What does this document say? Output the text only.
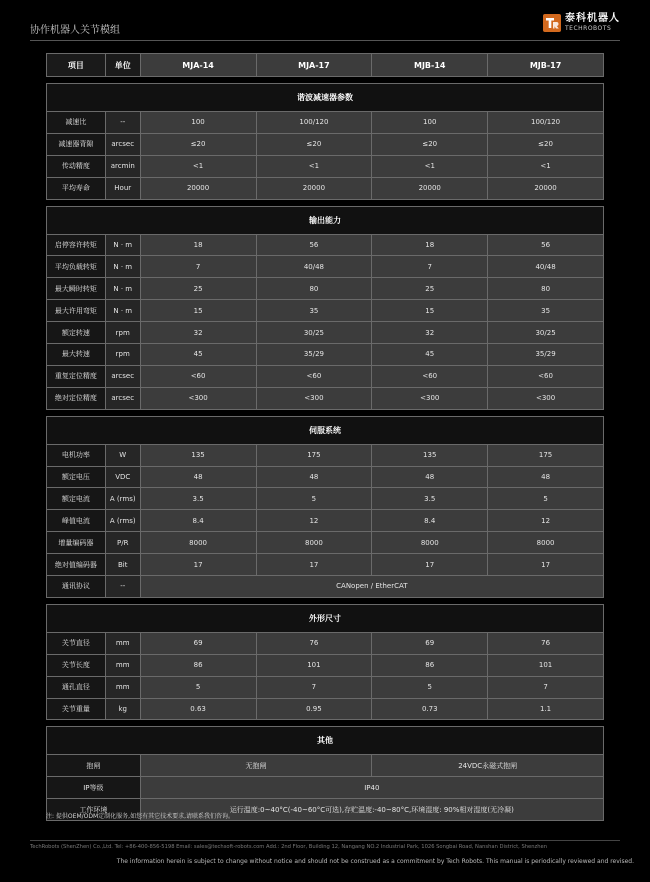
协作机器人关节模组
泰科机器人
TECHROBOTS
项目	单位	MJA-14	MJA-17	MJB-14	MJB-17
谐波减速器参数
减速比	--	100	100/120	100	100/120
减速器背隙	arcsec	≤20	≤20	≤20	≤20
传动精度	arcmin	<1	<1	<1	<1
平均寿命	Hour	20000	20000	20000	20000
输出能力
启停容许转矩	N · m	18	56	18	56
平均负载转矩	N · m	7	40/48	7	40/48
最大瞬时转矩	N · m	25	80	25	80
最大许用弯矩	N · m	15	35	15	35
额定转速	rpm	32	30/25	32	30/25
最大转速	rpm	45	35/29	45	35/29
重复定位精度	arcsec	<60	<60	<60	<60
绝对定位精度	arcsec	<300	<300	<300	<300
伺服系统
电机功率	W	135	175	135	175
额定电压	VDC	48	48	48	48
额定电流	A (rms)	3.5	5	3.5	5
峰值电流	A (rms)	8.4	12	8.4	12
增量编码器	P/R	8000	8000	8000	8000
绝对值编码器	Bit	17	17	17	17
通讯协议	--	CANopen / EtherCAT
外形尺寸
关节直径	mm	69	76	69	76
关节长度	mm	86	101	86	101
通孔直径	mm	5	7	5	7
关节重量	kg	0.63	0.95	0.73	1.1
其他
抱闸	无抱闸	24VDC永磁式抱闸
IP等级	IP40
工作环境	运行温度:0~40°C(-40~60°C可选),存贮温度:-40~80°C,环境湿度: 90%相对湿度(无冷凝)
注: 提供OEM/ODM定制化服务,如您有其它技术要求,请联系我们咨询。
TechRobots (ShenZhen) Co.,Ltd. Tel: +86-400-856-5198 Email: sales@techsoft-robots.com Add.: 2nd Floor, Building 12, Nangang NO.2 Industrial Park, 1026 Songbai Road, Nanshan District, Shenzhen
The information herein is subject to change without notice and should not be construed as a commitment by Tech Robots. This manual is periodically reviewed and revised.
